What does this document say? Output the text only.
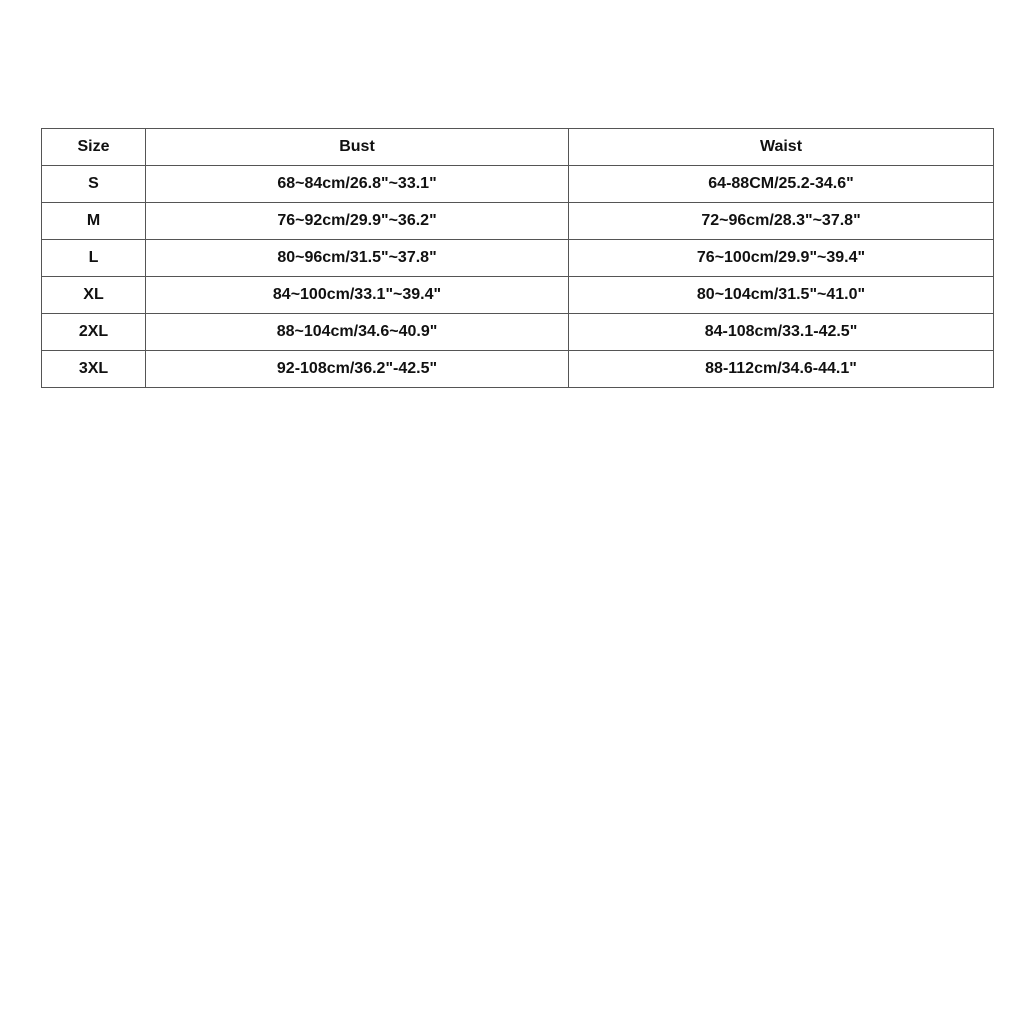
Size	Bust	Waist
S	68~84cm/26.8"~33.1"	64-88CM/25.2-34.6"
M	76~92cm/29.9"~36.2"	72~96cm/28.3"~37.8"
L	80~96cm/31.5"~37.8"	76~100cm/29.9"~39.4"
XL	84~100cm/33.1"~39.4"	80~104cm/31.5"~41.0"
2XL	88~104cm/34.6~40.9"	84-108cm/33.1-42.5"
3XL	92-108cm/36.2"-42.5"	88-112cm/34.6-44.1"
